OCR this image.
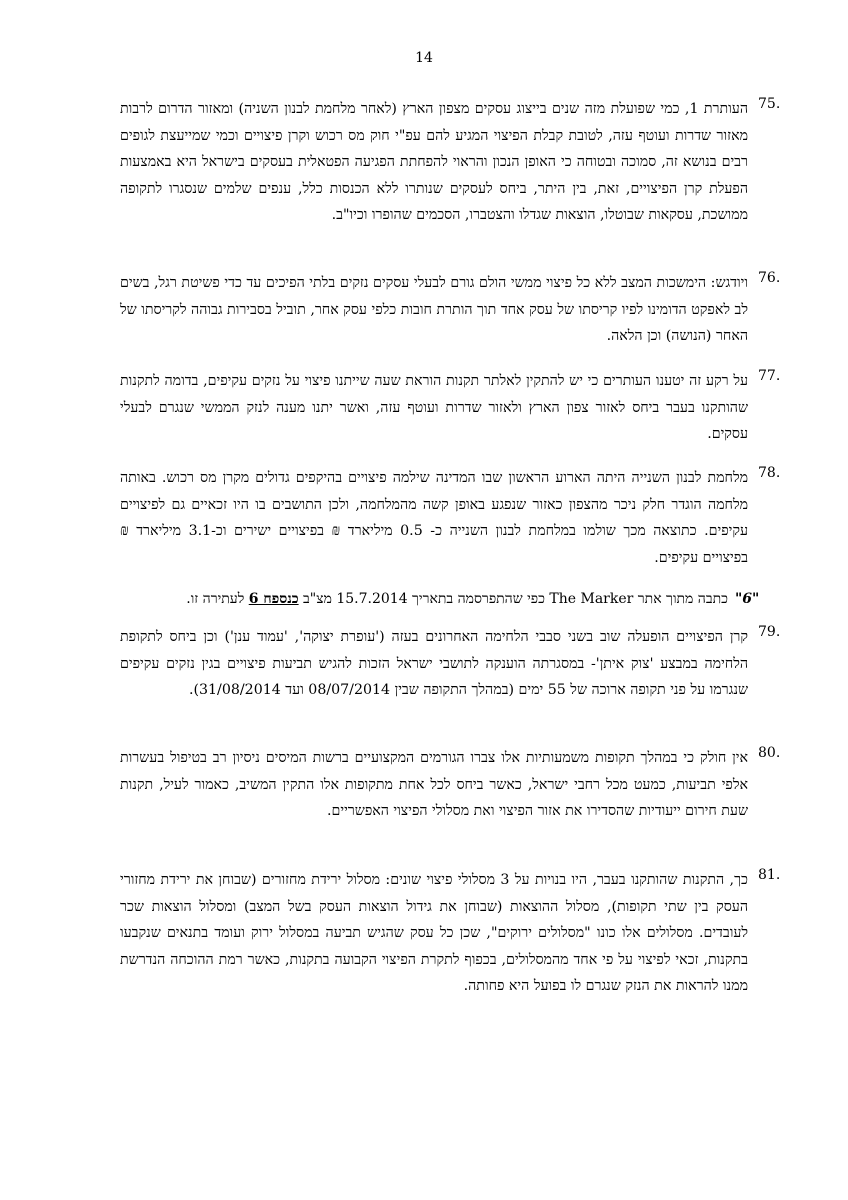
14
75.
העותרת 1, כמי שפועלת מזה שנים בייצוג עסקים מצפון הארץ (לאחר מלחמת לבנון השניה) ומאזור הדרום לרבות מאזור שדרות ועוטף עזה, לטובת קבלת הפיצוי המגיע להם עפ"י חוק מס רכוש וקרן פיצויים וכמי שמייעצת לגופים רבים בנושא זה, סמוכה ובטוחה כי האופן הנכון והראוי להפחתת הפגיעה הפטאלית בעסקים בישראל היא באמצעות הפעלת קרן הפיצויים, זאת, בין היתר, ביחס לעסקים שנותרו ללא הכנסות כלל, ענפים שלמים שנסגרו לתקופה ממושכת, עסקאות שבוטלו, הוצאות שגדלו והצטברו, הסכמים שהופרו וכיו"ב.
76.
ויודגש: הימשכות המצב ללא כל פיצוי ממשי הולם גורם לבעלי עסקים נזקים בלתי הפיכים עד כדי פשיטת רגל, בשים לב לאפקט הדומינו לפיו קריסתו של עסק אחד תוך הותרת חובות כלפי עסק אחר, תוביל בסבירות גבוהה לקריסתו של האחר (הנושה) וכן הלאה.
77.
על רקע זה יטענו העותרים כי יש להתקין לאלתר תקנות הוראת שעה שייתנו פיצוי על נזקים עקיפים, בדומה לתקנות שהותקנו בעבר ביחס לאזור צפון הארץ ולאזור שדרות ועוטף עזה, ואשר יתנו מענה לנזק הממשי שנגרם לבעלי עסקים.
78.
מלחמת לבנון השנייה היתה הארוע הראשון שבו המדינה שילמה פיצויים בהיקפים גדולים מקרן מס רכוש. באותה מלחמה הוגדר חלק ניכר מהצפון כאזור שנפגע באופן קשה מהמלחמה, ולכן התושבים בו היו זכאיים גם לפיצויים עקיפים. כתוצאה מכך שולמו במלחמת לבנון השנייה כ- 0.5 מיליארד ₪ בפיצויים ישירים וכ-3.1 מיליארד ₪ בפיצויים עקיפים.
"6"
כתבה מתוך אתר The Marker כפי שהתפרסמה בתאריך 15.7.2014 מצ"ב כנספח 6 לעתירה זו.
79.
קרן הפיצויים הופעלה שוב בשני סבבי הלחימה האחרונים בעזה ('עופרת יצוקה', 'עמוד ענן') וכן ביחס לתקופת הלחימה במבצע 'צוק איתן'- במסגרתה הוענקה לתושבי ישראל הזכות להגיש תביעות פיצויים בגין נזקים עקיפים שנגרמו על פני תקופה ארוכה של 55 ימים (במהלך התקופה שבין 08/07/2014 ועד 31/08/2014).
80.
אין חולק כי במהלך תקופות משמעותיות אלו צברו הגורמים המקצועיים ברשות המיסים ניסיון רב בטיפול בעשרות אלפי תביעות, כמעט מכל רחבי ישראל, כאשר ביחס לכל אחת מתקופות אלו התקין המשיב, כאמור לעיל, תקנות שעת חירום ייעודיות שהסדירו את אזור הפיצוי ואת מסלולי הפיצוי האפשריים.
81.
כך, התקנות שהותקנו בעבר, היו בנויות על 3 מסלולי פיצוי שונים: מסלול ירידת מחזורים (שבוחן את ירידת מחזורי העסק בין שתי תקופות), מסלול ההוצאות (שבוחן את גידול הוצאות העסק בשל המצב) ומסלול הוצאות שכר לעובדים. מסלולים אלו כונו "מסלולים ירוקים", שכן כל עסק שהגיש תביעה במסלול ירוק ועומד בתנאים שנקבעו בתקנות, זכאי לפיצוי על פי אחד מהמסלולים, בכפוף לתקרת הפיצוי הקבועה בתקנות, כאשר רמת ההוכחה הנדרשת ממנו להראות את הנזק שנגרם לו בפועל היא פחותה.
